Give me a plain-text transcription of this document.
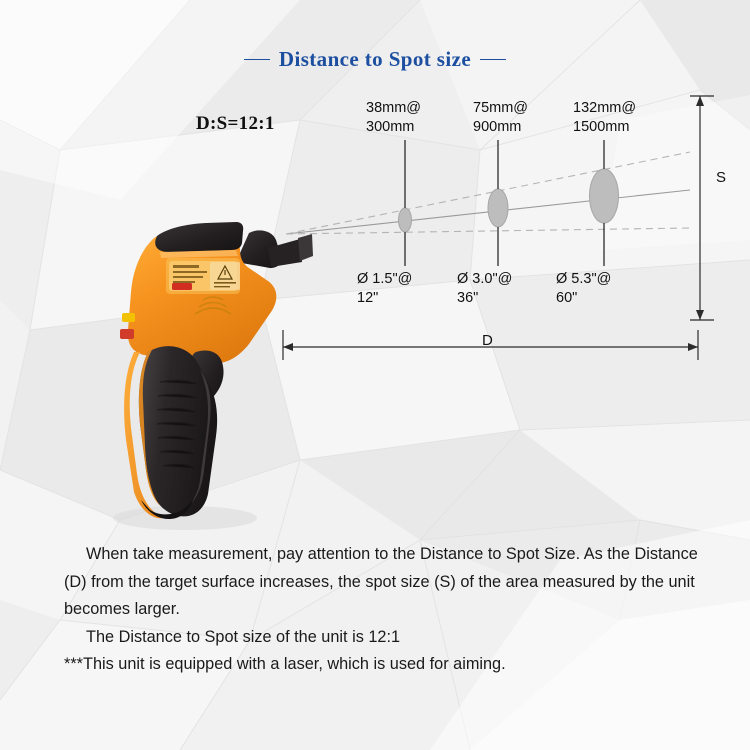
Distance to Spot size
D:S=12:1
38mm@
300mm
75mm@
900mm
132mm@
1500mm
Ø 1.5"@
12"
Ø 3.0"@
36"
Ø 5.3"@
60"
S
D

When take measurement, pay attention to the Distance to Spot Size. As the Distance (D) from the target surface increases, the spot size (S) of the area measured by the unit becomes larger.

The Distance to Spot size of the unit is 12:1

***This unit is equipped with a laser, which is used for aiming.
